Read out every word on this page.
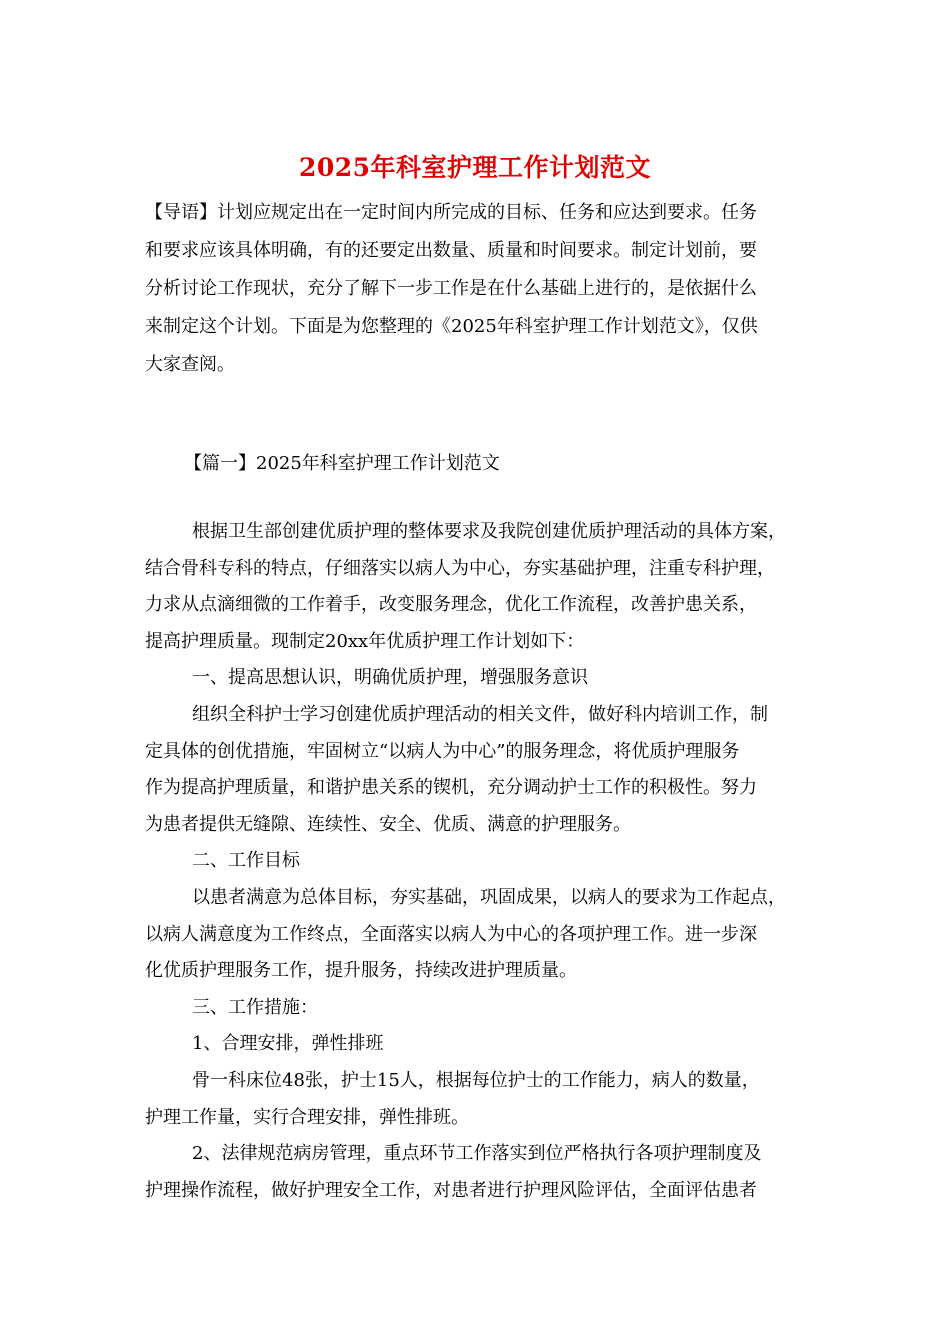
2025年科室护理工作计划范文
【导语】计划应规定出在一定时间内所完成的目标、任务和应达到要求。任务
和要求应该具体明确，有的还要定出数量、质量和时间要求。制定计划前，要
分析讨论工作现状，充分了解下一步工作是在什么基础上进行的，是依据什么
来制定这个计划。下面是为您整理的《2025年科室护理工作计划范文》，仅供
大家查阅。
【篇一】2025年科室护理工作计划范文
根据卫生部创建优质护理的整体要求及我院创建优质护理活动的具体方案，
结合骨科专科的特点，仔细落实以病人为中心，夯实基础护理，注重专科护理，
力求从点滴细微的工作着手，改变服务理念，优化工作流程，改善护患关系，
提高护理质量。现制定20xx年优质护理工作计划如下：
一、提高思想认识，明确优质护理，增强服务意识
组织全科护士学习创建优质护理活动的相关文件，做好科内培训工作，制
定具体的创优措施，牢固树立“以病人为中心”的服务理念，将优质护理服务
作为提高护理质量，和谐护患关系的锲机，充分调动护士工作的积极性。努力
为患者提供无缝隙、连续性、安全、优质、满意的护理服务。
二、工作目标
以患者满意为总体目标，夯实基础，巩固成果，以病人的要求为工作起点，
以病人满意度为工作终点，全面落实以病人为中心的各项护理工作。进一步深
化优质护理服务工作，提升服务，持续改进护理质量。
三、工作措施：
1、合理安排，弹性排班
骨一科床位48张，护士15人，根据每位护士的工作能力，病人的数量，
护理工作量，实行合理安排，弹性排班。
2、法律规范病房管理，重点环节工作落实到位严格执行各项护理制度及
护理操作流程，做好护理安全工作，对患者进行护理风险评估，全面评估患者
